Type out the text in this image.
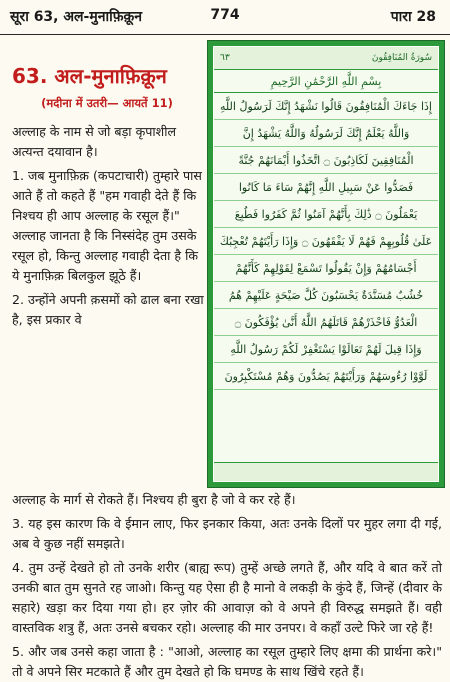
सूरा 63, अल-मुनाफ़िक़ून	774	पारा 28
63. अल-मुनाफ़िक़ून
(मदीना में उतरी— आयतें 11)

अल्लाह के नाम से जो बड़ा कृपाशील अत्यन्त दयावान है।

1. जब मुनाफ़िक़ (कपटाचारी) तुम्हारे पास आते हैं तो कहते हैं "हम गवाही देते हैं कि निश्चय ही आप अल्लाह के रसूल हैं।" अल्लाह जानता है कि निस्संदेह तुम उसके रसूल हो, किन्तु अल्लाह गवाही देता है कि ये मुनाफ़िक़ बिलकुल झूठे हैं।

2. उन्होंने अपनी क़समों को ढाल बना रखा है, इस प्रकार वे

٦٣	سُورَةُ المُنَافِقُونَ
بِسْمِ اللَّهِ الرَّحْمَٰنِ الرَّحِيمِ
إِذَا جَاءَكَ الْمُنَافِقُونَ قَالُوا نَشْهَدُ إِنَّكَ لَرَسُولُ اللَّهِ
وَاللَّهُ يَعْلَمُ إِنَّكَ لَرَسُولُهُ وَاللَّهُ يَشْهَدُ إِنَّ
الْمُنَافِقِينَ لَكَاذِبُونَ ۝ اتَّخَذُوا أَيْمَانَهُمْ جُنَّةً
فَصَدُّوا عَنْ سَبِيلِ اللَّهِ إِنَّهُمْ سَاءَ مَا كَانُوا
يَعْمَلُونَ ۝ ذَٰلِكَ بِأَنَّهُمْ آمَنُوا ثُمَّ كَفَرُوا فَطُبِعَ
عَلَىٰ قُلُوبِهِمْ فَهُمْ لَا يَفْقَهُونَ ۝ وَإِذَا رَأَيْتَهُمْ تُعْجِبُكَ
أَجْسَامُهُمْ وَإِنْ يَقُولُوا تَسْمَعْ لِقَوْلِهِمْ كَأَنَّهُمْ
خُشُبٌ مُسَنَّدَةٌ يَحْسَبُونَ كُلَّ صَيْحَةٍ عَلَيْهِمْ هُمُ
الْعَدُوُّ فَاحْذَرْهُمْ قَاتَلَهُمُ اللَّهُ أَنَّىٰ يُؤْفَكُونَ ۝
وَإِذَا قِيلَ لَهُمْ تَعَالَوْا يَسْتَغْفِرْ لَكُمْ رَسُولُ اللَّهِ
لَوَّوْا رُءُوسَهُمْ وَرَأَيْتَهُمْ يَصُدُّونَ وَهُمْ مُسْتَكْبِرُونَ

अल्लाह के मार्ग से रोकते हैं। निश्चय ही बुरा है जो वे कर रहे हैं।

3. यह इस कारण कि वे ईमान लाए, फिर इनकार किया, अतः उनके दिलों पर मुहर लगा दी गई, अब वे कुछ नहीं समझते।

4. तुम उन्हें देखते हो तो उनके शरीर (बाह्य रूप) तुम्हें अच्छे लगते हैं, और यदि वे बात करें तो उनकी बात तुम सुनते रह जाओ। किन्तु यह ऐसा ही है मानो वे लकड़ी के कुंदे हैं, जिन्हें (दीवार के सहारे) खड़ा कर दिया गया हो। हर ज़ोर की आवाज़ को वे अपने ही विरुद्ध समझते हैं। वही वास्तविक शत्रु हैं, अतः उनसे बचकर रहो। अल्लाह की मार उनपर। वे कहाँ उल्टे फिरे जा रहे हैं!

5. और जब उनसे कहा जाता है : "आओ, अल्लाह का रसूल तुम्हारे लिए क्षमा की प्रार्थना करे।" तो वे अपने सिर मटकाते हैं और तुम देखते हो कि घमण्ड के साथ खिंचे रहते हैं।
